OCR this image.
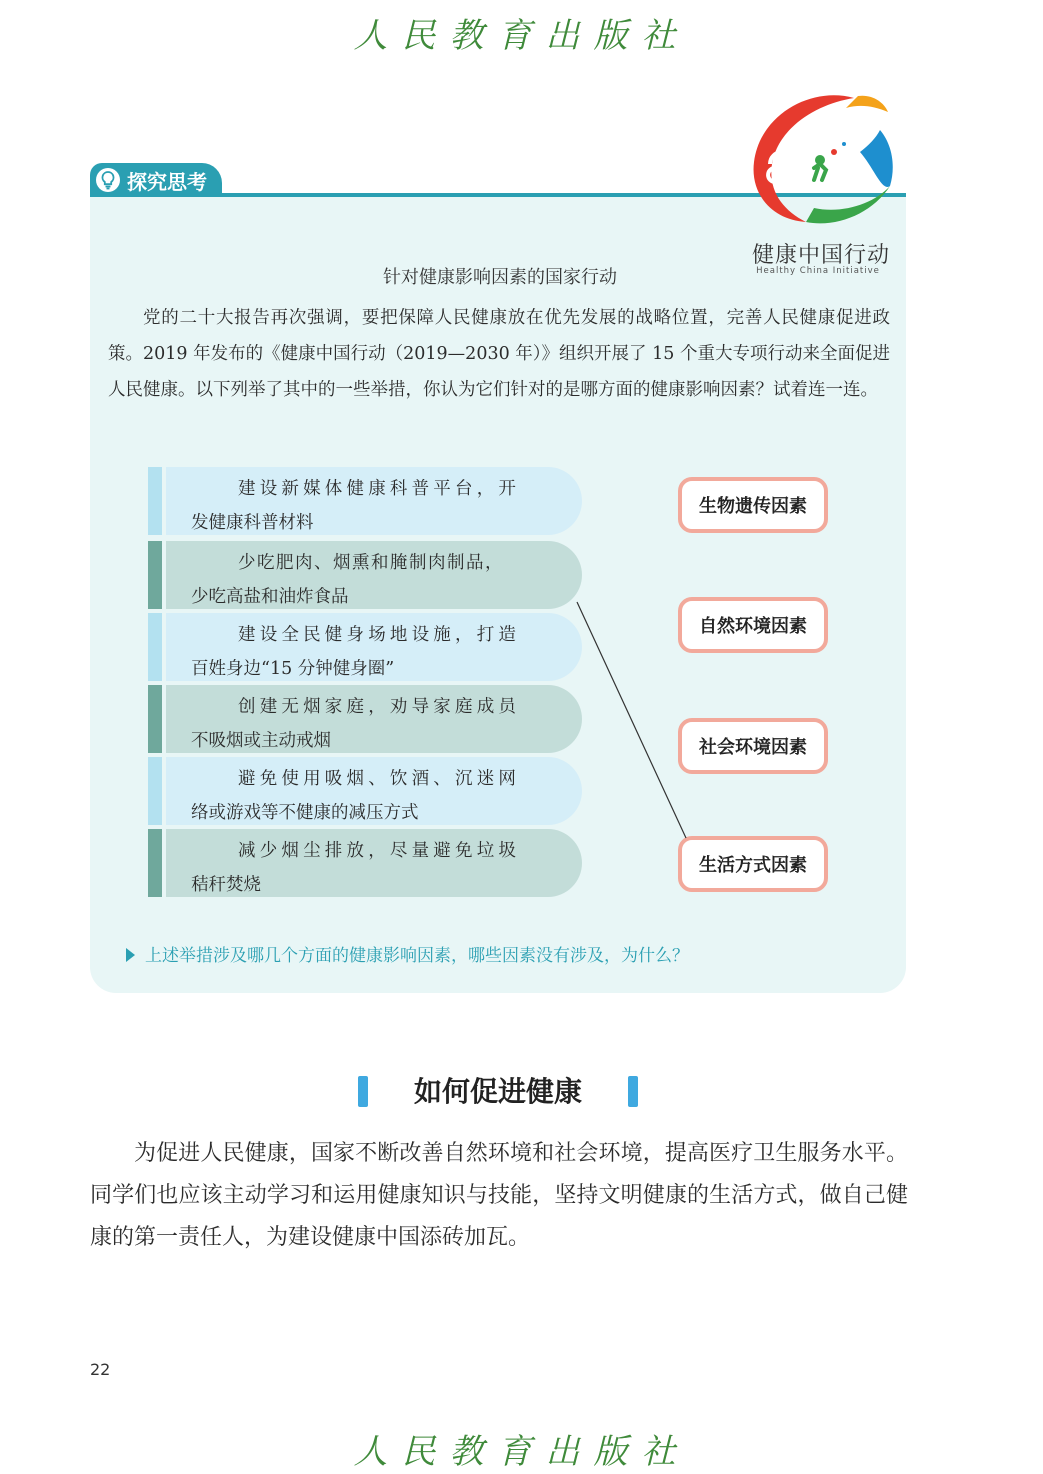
人民教育出版社
探究思考
健康中国行动
Healthy China Initiative
针对健康影响因素的国家行动
党的二十大报告再次强调，要把保障人民健康放在优先发展的战略位置，完善人民健康促进政策。2019 年发布的《健康中国行动（2019—2030 年）》组织开展了 15 个重大专项行动来全面促进人民健康。以下列举了其中的一些举措，你认为它们针对的是哪方面的健康影响因素？试着连一连。
建设新媒体健康科普平台，开
发健康科普材料
少吃肥肉、烟熏和腌制肉制品，
少吃高盐和油炸食品
建设全民健身场地设施，打造
百姓身边“15 分钟健身圈”
创建无烟家庭，劝导家庭成员
不吸烟或主动戒烟
避免使用吸烟、饮酒、沉迷网
络或游戏等不健康的减压方式
减少烟尘排放，尽量避免垃圾
秸秆焚烧
生物遗传因素
自然环境因素
社会环境因素
生活方式因素
上述举措涉及哪几个方面的健康影响因素，哪些因素没有涉及，为什么？
如何促进健康
为促进人民健康，国家不断改善自然环境和社会环境，提高医疗卫生服务水平。同学们也应该主动学习和运用健康知识与技能，坚持文明健康的生活方式，做自己健康的第一责任人，为建设健康中国添砖加瓦。
22
人民教育出版社
